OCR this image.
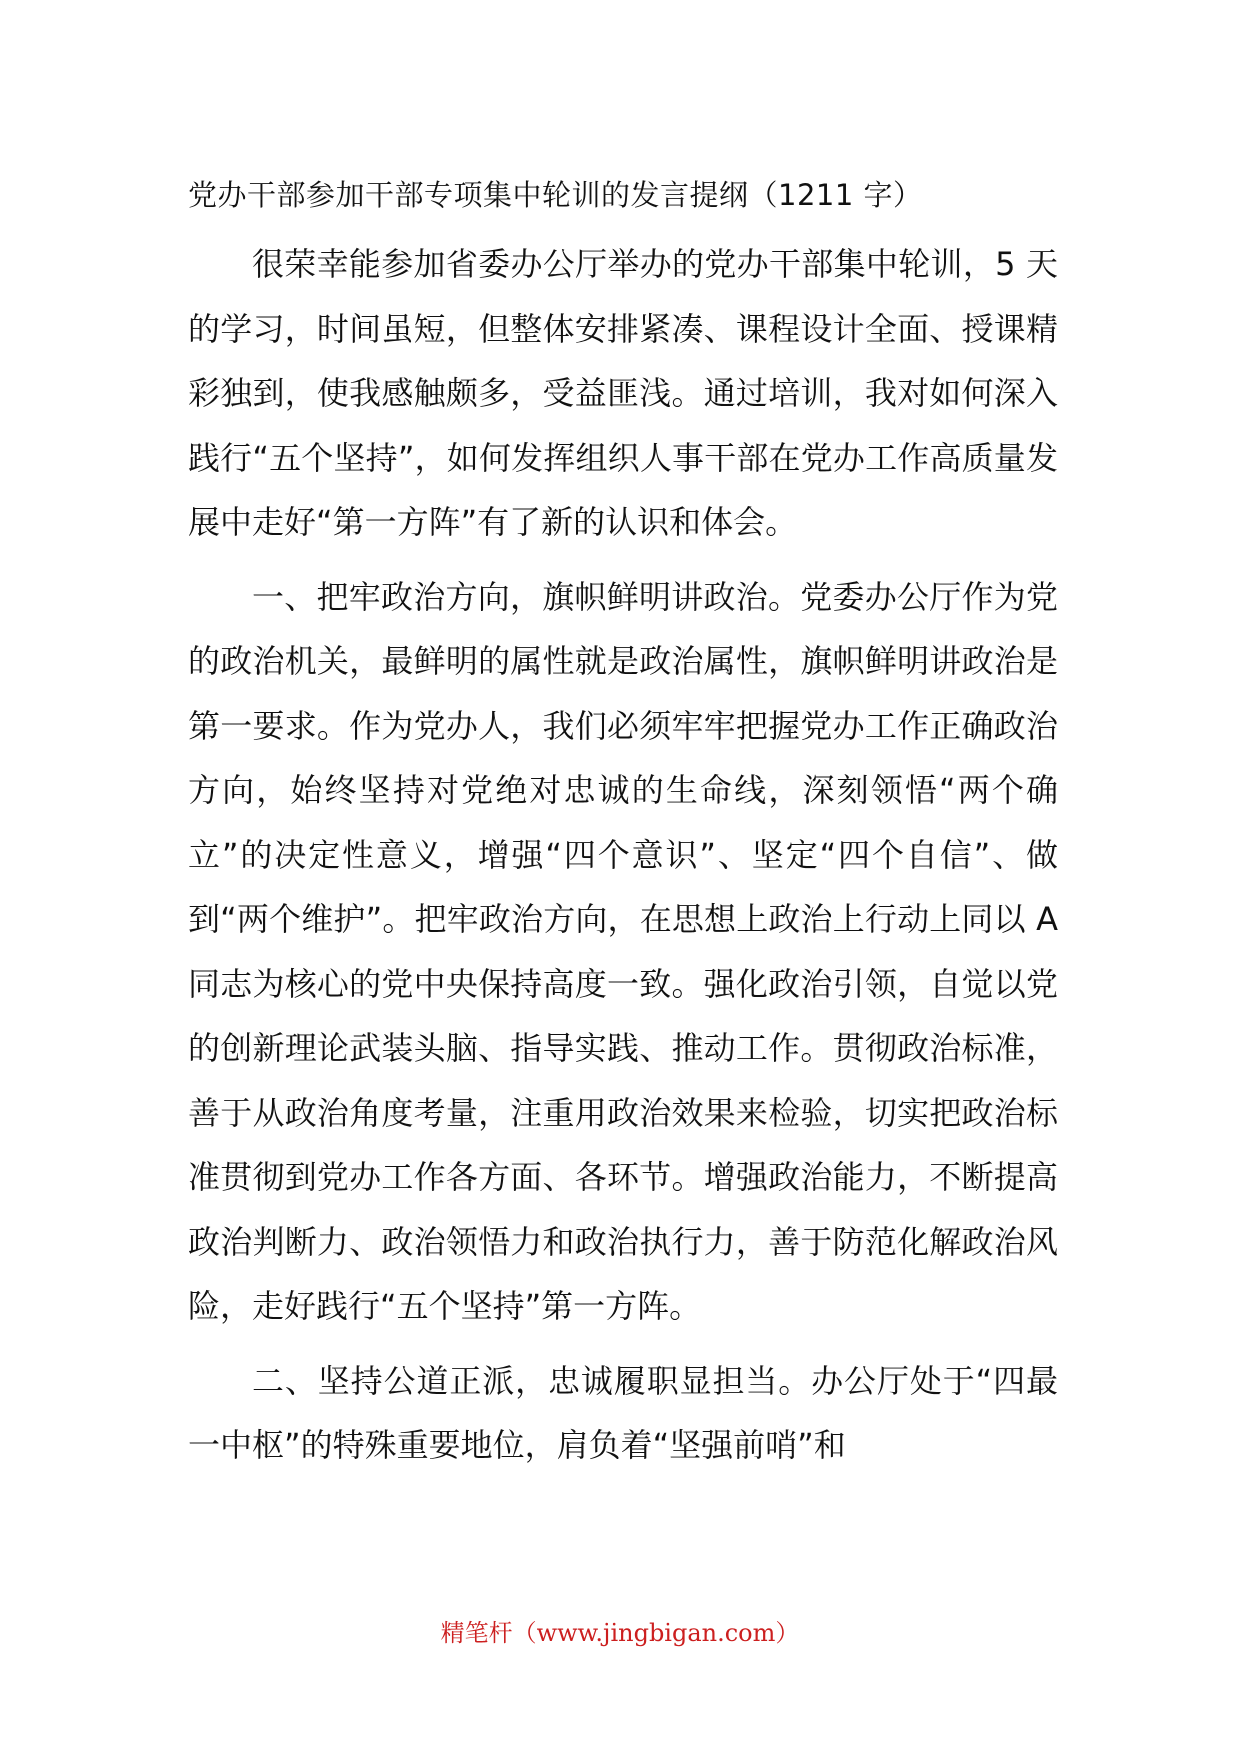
党办干部参加干部专项集中轮训的发言提纲（1211 字）

很荣幸能参加省委办公厅举办的党办干部集中轮训，5 天的学习，时间虽短，但整体安排紧凑、课程设计全面、授课精彩独到，使我感触颇多，受益匪浅。通过培训，我对如何深入践行“五个坚持”，如何发挥组织人事干部在党办工作高质量发展中走好“第一方阵”有了新的认识和体会。

一、把牢政治方向，旗帜鲜明讲政治。党委办公厅作为党的政治机关，最鲜明的属性就是政治属性，旗帜鲜明讲政治是第一要求。作为党办人，我们必须牢牢把握党办工作正确政治方向，始终坚持对党绝对忠诚的生命线，深刻领悟“两个确立”的决定性意义，增强“四个意识”、坚定“四个自信”、做到“两个维护”。把牢政治方向，在思想上政治上行动上同以 A 同志为核心的党中央保持高度一致。强化政治引领，自觉以党的创新理论武装头脑、指导实践、推动工作。贯彻政治标准，善于从政治角度考量，注重用政治效果来检验，切实把政治标准贯彻到党办工作各方面、各环节。增强政治能力，不断提高政治判断力、政治领悟力和政治执行力，善于防范化解政治风险，走好践行“五个坚持”第一方阵。

二、坚持公道正派，忠诚履职显担当。办公厅处于“四最一中枢”的特殊重要地位，肩负着“坚强前哨”和

精笔杆（www.jingbigan.com）
